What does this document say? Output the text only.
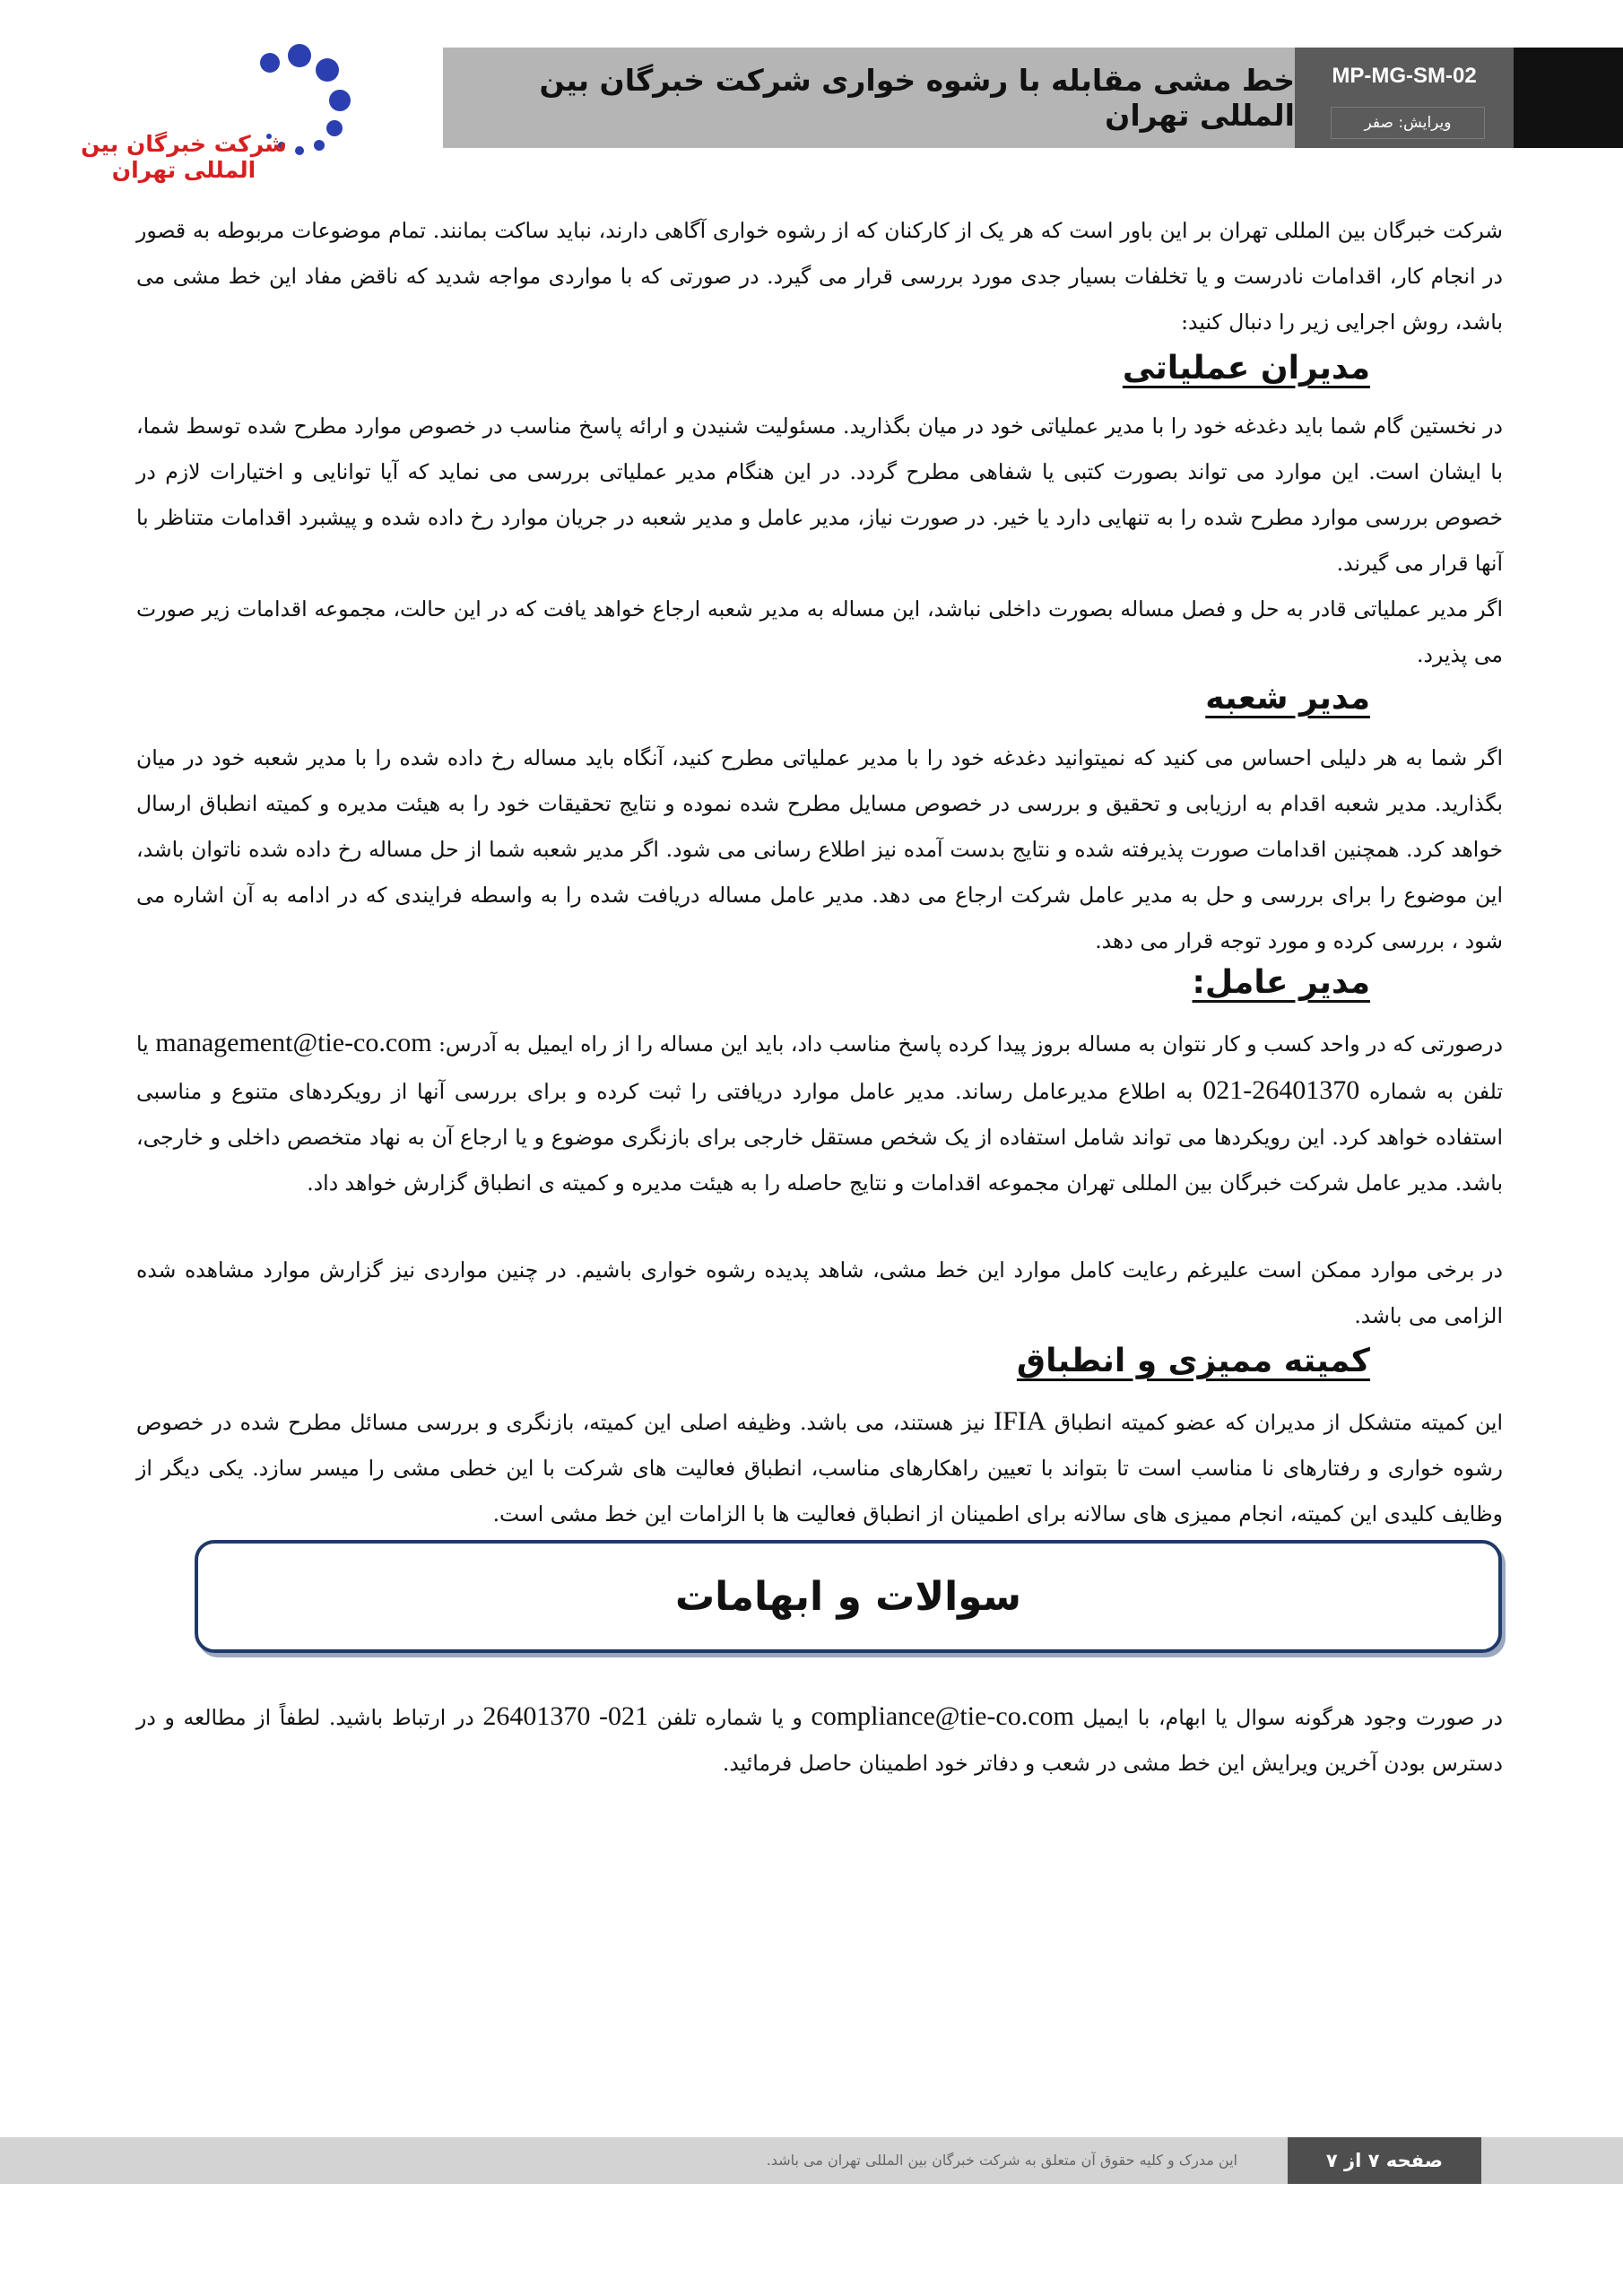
شرکت خبرگان بین المللی تهران
خط مشی مقابله با رشوه خواری شرکت خبرگان بین المللی تهران
MP-MG-SM-02
ویرایش: صفر

شرکت خبرگان بین المللی تهران بر این باور است که هر یک از کارکنان که از رشوه خواری آگاهی دارند، نباید ساکت بمانند. تمام موضوعات مربوطه به قصور در انجام کار، اقدامات نادرست و یا تخلفات بسیار جدی مورد بررسی قرار می گیرد. در صورتی که با مواردی مواجه شدید که ناقض مفاد این خط مشی می باشد، روش اجرایی زیر را دنبال کنید:

مدیران عملیاتی

در نخستین گام شما باید دغدغه خود را با مدیر عملیاتی خود در میان بگذارید. مسئولیت شنیدن و ارائه پاسخ مناسب در خصوص موارد مطرح شده توسط شما، با ایشان است. این موارد می تواند بصورت کتبی یا شفاهی مطرح گردد. در این هنگام مدیر عملیاتی بررسی می نماید که آیا توانایی و اختیارات لازم در خصوص بررسی موارد مطرح شده را به تنهایی دارد یا خیر. در صورت نیاز، مدیر عامل و مدیر شعبه در جریان موارد رخ داده شده و پیشبرد اقدامات متناظر با آنها قرار می گیرند.

اگر مدیر عملیاتی قادر به حل و فصل مساله بصورت داخلی نباشد، این مساله به مدیر شعبه ارجاع خواهد یافت که در این حالت، مجموعه اقدامات زیر صورت می پذیرد.

مدیر شعبه

اگر شما به هر دلیلی احساس می کنید که نمیتوانید دغدغه خود را با مدیر عملیاتی مطرح کنید، آنگاه باید مساله رخ داده شده را با مدیر شعبه خود در میان بگذارید. مدیر شعبه اقدام به ارزیابی و تحقیق و بررسی در خصوص مسایل مطرح شده نموده و نتایج تحقیقات خود را به هیئت مدیره و کمیته انطباق ارسال خواهد کرد. همچنین اقدامات صورت پذیرفته شده و نتایج بدست آمده نیز اطلاع رسانی می شود. اگر مدیر شعبه شما از حل مساله رخ داده شده ناتوان باشد، این موضوع را برای بررسی و حل به مدیر عامل شرکت ارجاع می دهد. مدیر عامل مساله دریافت شده را به واسطه فرایندی که در ادامه به آن اشاره می شود ، بررسی کرده و مورد توجه قرار می دهد.

مدیر عامل:

درصورتی که در واحد کسب و کار نتوان به مساله بروز پیدا کرده پاسخ مناسب داد، باید این مساله را از راه ایمیل به آدرس: management@tie-co.com یا تلفن به شماره 021-26401370 به اطلاع مدیرعامل رساند. مدیر عامل موارد دریافتی را ثبت کرده و برای بررسی آنها از رویکردهای متنوع و مناسبی استفاده خواهد کرد. این رویکردها می تواند شامل استفاده از یک شخص مستقل خارجی برای بازنگری موضوع و یا ارجاع آن به نهاد متخصص داخلی و خارجی، باشد. مدیر عامل شرکت خبرگان بین المللی تهران مجموعه اقدامات و نتایج حاصله را به هیئت مدیره و کمیته ی انطباق گزارش خواهد داد.

در برخی موارد ممکن است علیرغم رعایت کامل موارد این خط مشی، شاهد پدیده رشوه خواری باشیم. در چنین مواردی نیز گزارش موارد مشاهده شده الزامی می باشد.

کمیته ممیزی و انطباق

این کمیته متشکل از مدیران که عضو کمیته انطباق IFIA نیز هستند، می باشد. وظیفه اصلی این کمیته، بازنگری و بررسی مسائل مطرح شده در خصوص رشوه خواری و رفتارهای نا مناسب است تا بتواند با تعیین راهکارهای مناسب، انطباق فعالیت های شرکت با این خطی مشی را میسر سازد. یکی دیگر از وظایف کلیدی این کمیته، انجام ممیزی های سالانه برای اطمینان از انطباق فعالیت ها با الزامات این خط مشی است.

سوالات و ابهامات

در صورت وجود هرگونه سوال یا ابهام، با ایمیل compliance@tie-co.com و یا شماره تلفن 26401370 -021 در ارتباط باشید. لطفاً از مطالعه و در دسترس بودن آخرین ویرایش این خط مشی در شعب و دفاتر خود اطمینان حاصل فرمائید.

این مدرک و کلیه حقوق آن متعلق به شرکت خبرگان بین المللی تهران می باشد.	صفحه ۷ از ۷
